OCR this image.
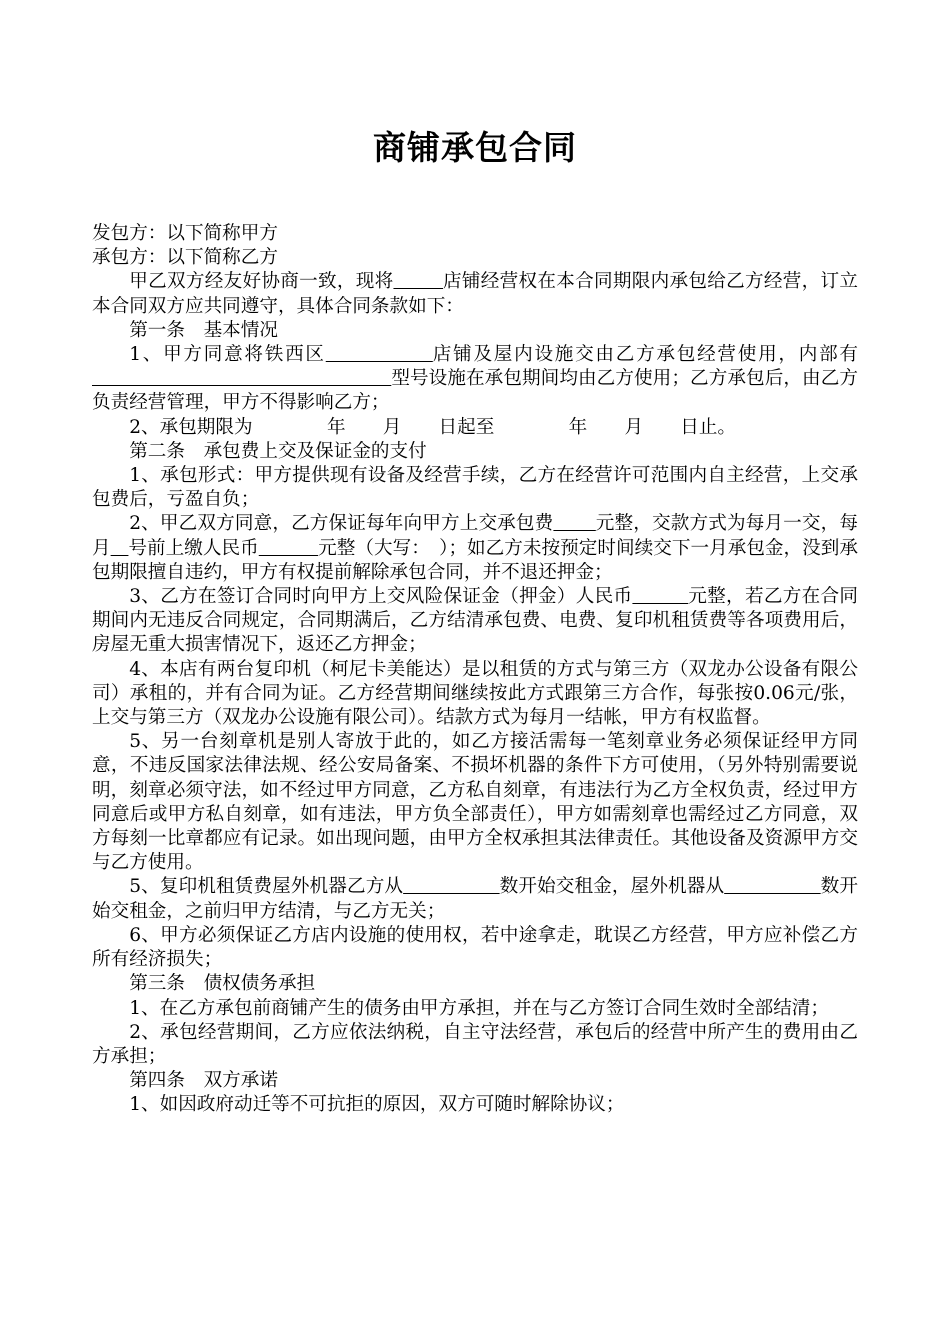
商铺承包合同

发包方：以下简称甲方

承包方：以下简称乙方

甲乙双方经友好协商一致，现将	店铺经营权在本合同期限内承包给乙方经营，订立本合同双方应共同遵守，具体合同条款如下：

第一条　基本情况

1、甲方同意将铁西区	店铺及屋内设施交由乙方承包经营使用，内部有                                                  型号设施在承包期间均由乙方使用；乙方承包后，由乙方负责经营管理，甲方不得影响乙方；

2、承包期限为　　　　年　　月　　日起至　　　　年　　月　　日止。

第二条　承包费上交及保证金的支付

1、承包形式：甲方提供现有设备及经营手续，乙方在经营许可范围内自主经营，上交承包费后，亏盈自负；

2、甲乙双方同意，乙方保证每年向甲方上交承包费 元整，交款方式为每月一交，每月 号前上缴人民币	元整（大写：　）；如乙方未按预定时间续交下一月承包金，没到承包期限擅自违约，甲方有权提前解除承包合同，并不退还押金；

3、乙方在签订合同时向甲方上交风险保证金（押金）人民币	元整，若乙方在合同期间内无违反合同规定，合同期满后，乙方结清承包费、电费、复印机租赁费等各项费用后，房屋无重大损害情况下，返还乙方押金；

4、本店有两台复印机（柯尼卡美能达）是以租赁的方式与第三方（双龙办公设备有限公司）承租的，并有合同为证。乙方经营期间继续按此方式跟第三方合作，每张按0.06元/张，上交与第三方（双龙办公设施有限公司）。结款方式为每月一结帐，甲方有权监督。

5、另一台刻章机是别人寄放于此的，如乙方接活需每一笔刻章业务必须保证经甲方同意，不违反国家法律法规、经公安局备案、不损坏机器的条件下方可使用，（另外特别需要说明，刻章必须守法，如不经过甲方同意，乙方私自刻章，有违法行为乙方全权负责，经过甲方同意后或甲方私自刻章，如有违法，甲方负全部责任），甲方如需刻章也需经过乙方同意，双方每刻一比章都应有记录。如出现问题，由甲方全权承担其法律责任。其他设备及资源甲方交与乙方使用。

5、复印机租赁费屋外机器乙方从	数开始交租金，屋外机器从	数开始交租金，之前归甲方结清，与乙方无关；

6、甲方必须保证乙方店内设施的使用权，若中途拿走，耽误乙方经营，甲方应补偿乙方所有经济损失；

第三条　债权债务承担

1、在乙方承包前商铺产生的债务由甲方承担，并在与乙方签订合同生效时全部结清；

2、承包经营期间，乙方应依法纳税，自主守法经营，承包后的经营中所产生的费用由乙方承担；

第四条　双方承诺

1、如因政府动迁等不可抗拒的原因，双方可随时解除协议；
